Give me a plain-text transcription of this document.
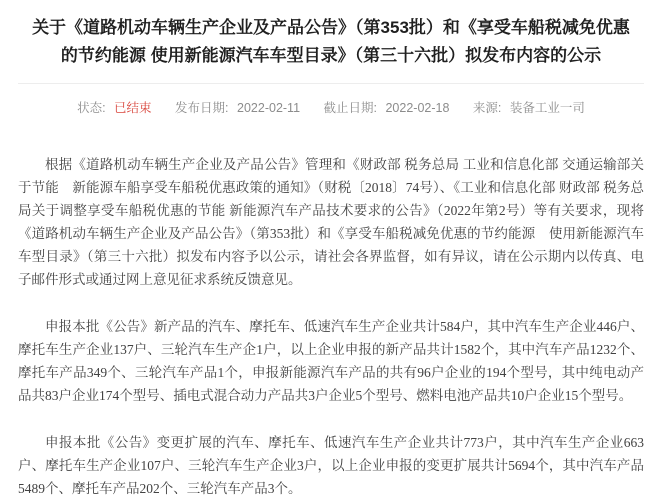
关于《道路机动车辆生产企业及产品公告》（第353批）和《享受车船税减免优惠的节约能源 使用新能源汽车车型目录》（第三十六批）拟发布内容的公示
状态: 已结束 发布日期: 2022-02-11 截止日期: 2022-02-18 来源: 装备工业一司

根据《道路机动车辆生产企业及产品公告》管理和《财政部 税务总局 工业和信息化部 交通运输部关于节能　新能源车船享受车船税优惠政策的通知》（财税〔2018〕74号）、《工业和信息化部 财政部 税务总局关于调整享受车船税优惠的节能 新能源汽车产品技术要求的公告》（2022年第2号）等有关要求，现将《道路机动车辆生产企业及产品公告》（第353批）和《享受车船税减免优惠的节约能源　使用新能源汽车车型目录》（第三十六批）拟发布内容予以公示，请社会各界监督，如有异议，请在公示期内以传真、电子邮件形式或通过网上意见征求系统反馈意见。

申报本批《公告》新产品的汽车、摩托车、低速汽车生产企业共计584户，其中汽车生产企业446户、摩托车生产企业137户、三轮汽车生产企1户，以上企业申报的新产品共计1582个，其中汽车产品1232个、摩托车产品349个、三轮汽车产品1个，申报新能源汽车产品的共有96户企业的194个型号，其中纯电动产品共83户企业174个型号、插电式混合动力产品共3户企业5个型号、燃料电池产品共10户企业15个型号。

申报本批《公告》变更扩展的汽车、摩托车、低速汽车生产企业共计773户，其中汽车生产企业663户、摩托车生产企业107户、三轮汽车生产企业3户，以上企业申报的变更扩展共计5694个，其中汽车产品5489个、摩托车产品202个、三轮汽车产品3个。
